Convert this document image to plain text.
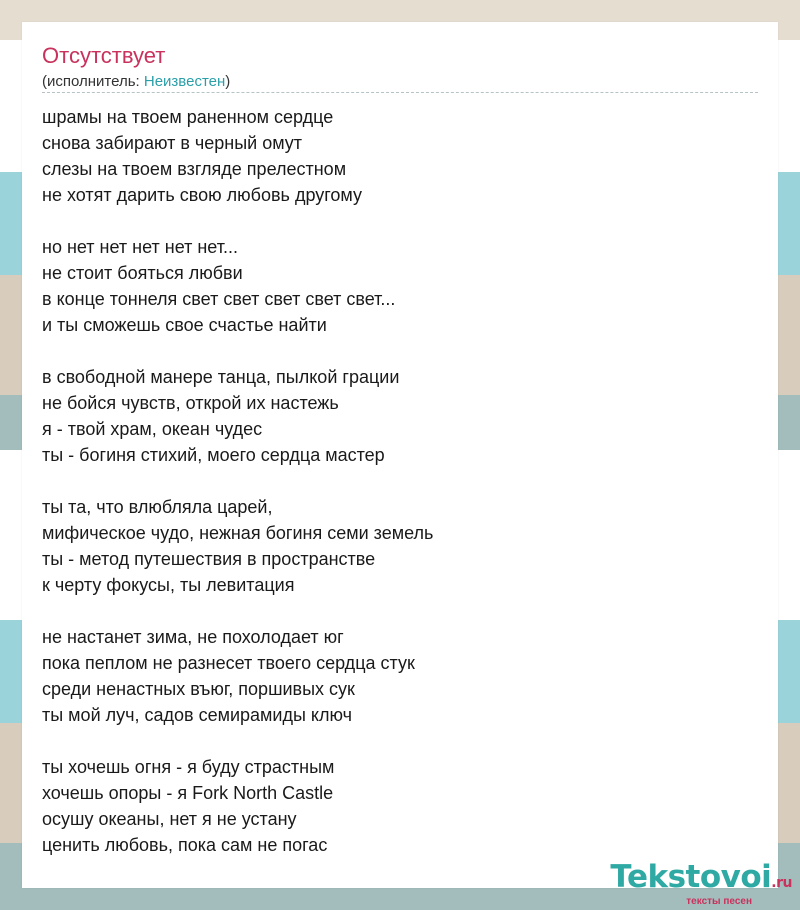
Отсутствует
(исполнитель: Неизвестен)
шрамы на твоем раненном сердце
снова забирают в черный омут
слезы на твоем взгляде прелестном
не хотят дарить свою любовь другому
но нет нет нет нет нет...
не стоит бояться любви
в конце тоннеля свет свет свет свет свет...
и ты сможешь свое счастье найти
в свободной манере танца, пылкой грации
не бойся чувств, открой их настежь
я - твой храм, океан чудес
ты - богиня стихий, моего сердца мастер
ты та, что влюбляла царей,
мифическое чудо, нежная богиня семи земель
ты - метод путешествия в пространстве
к черту фокусы, ты левитация
не настанет зима, не похолодает юг
пока пеплом не разнесет твоего сердца стук
среди ненастных въюг, поршивых сук
ты мой луч, садов семирамиды ключ
ты хочешь огня - я буду страстным
хочешь опоры - я Fork North Castle
осушу океаны, нет я не устану
ценить любовь, пока сам не погас
Tekstovoi.ru
тексты песен
